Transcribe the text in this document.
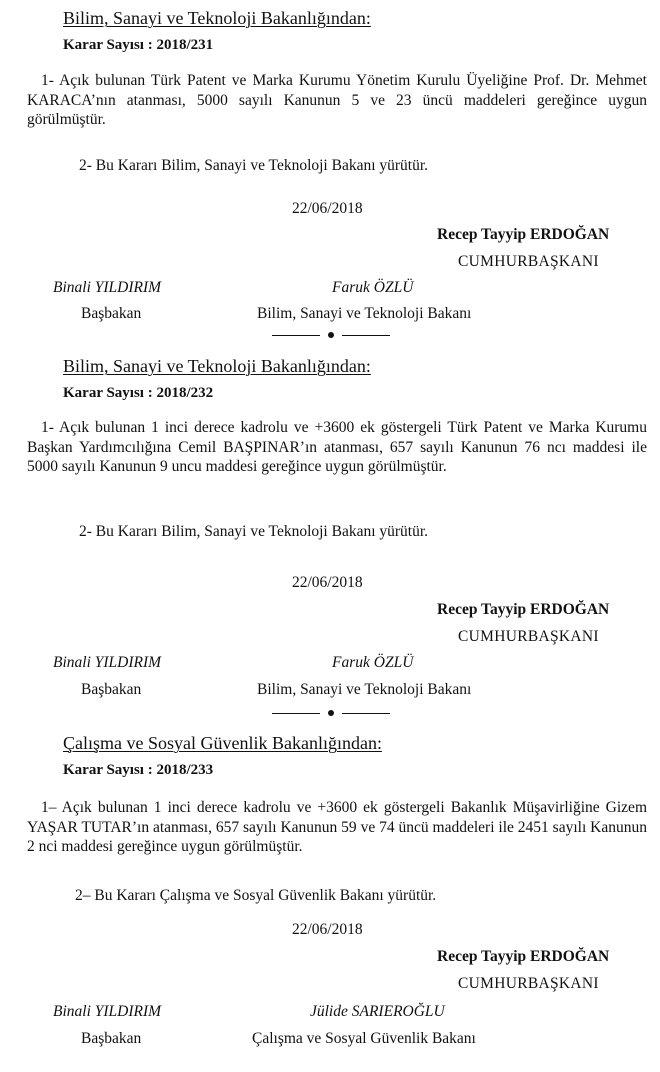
Bilim, Sanayi ve Teknoloji Bakanlığından:
Karar Sayısı : 2018/231
1- Açık bulunan Türk Patent ve Marka Kurumu Yönetim Kurulu Üyeliğine Prof. Dr. Mehmet KARACA’nın atanması, 5000 sayılı Kanunun 5 ve 23 üncü maddeleri gereğince uygun görülmüştür.
2- Bu Kararı Bilim, Sanayi ve Teknoloji Bakanı yürütür.
22/06/2018
Recep Tayyip ERDOĞAN
CUMHURBAŞKANI
Binali YILDIRIM	Faruk ÖZLÜ
Başbakan	Bilim, Sanayi ve Teknoloji Bakanı
Bilim, Sanayi ve Teknoloji Bakanlığından:
Karar Sayısı : 2018/232
1- Açık bulunan 1 inci derece kadrolu ve +3600 ek göstergeli Türk Patent ve Marka Kurumu Başkan Yardımcılığına Cemil BAŞPINAR’ın atanması, 657 sayılı Kanunun 76 ncı maddesi ile 5000 sayılı Kanunun 9 uncu maddesi gereğince uygun görülmüştür.
2- Bu Kararı Bilim, Sanayi ve Teknoloji Bakanı yürütür.
22/06/2018
Recep Tayyip ERDOĞAN
CUMHURBAŞKANI
Binali YILDIRIM	Faruk ÖZLÜ
Başbakan	Bilim, Sanayi ve Teknoloji Bakanı
Çalışma ve Sosyal Güvenlik Bakanlığından:
Karar Sayısı : 2018/233
1– Açık bulunan 1 inci derece kadrolu ve +3600 ek göstergeli Bakanlık Müşavirliğine Gizem YAŞAR TUTAR’ın atanması, 657 sayılı Kanunun 59 ve 74 üncü maddeleri ile 2451 sayılı Kanunun 2 nci maddesi gereğince uygun görülmüştür.
2– Bu Kararı Çalışma ve Sosyal Güvenlik Bakanı yürütür.
22/06/2018
Recep Tayyip ERDOĞAN
CUMHURBAŞKANI
Binali YILDIRIM	Jülide SARIEROĞLU
Başbakan	Çalışma ve Sosyal Güvenlik Bakanı
